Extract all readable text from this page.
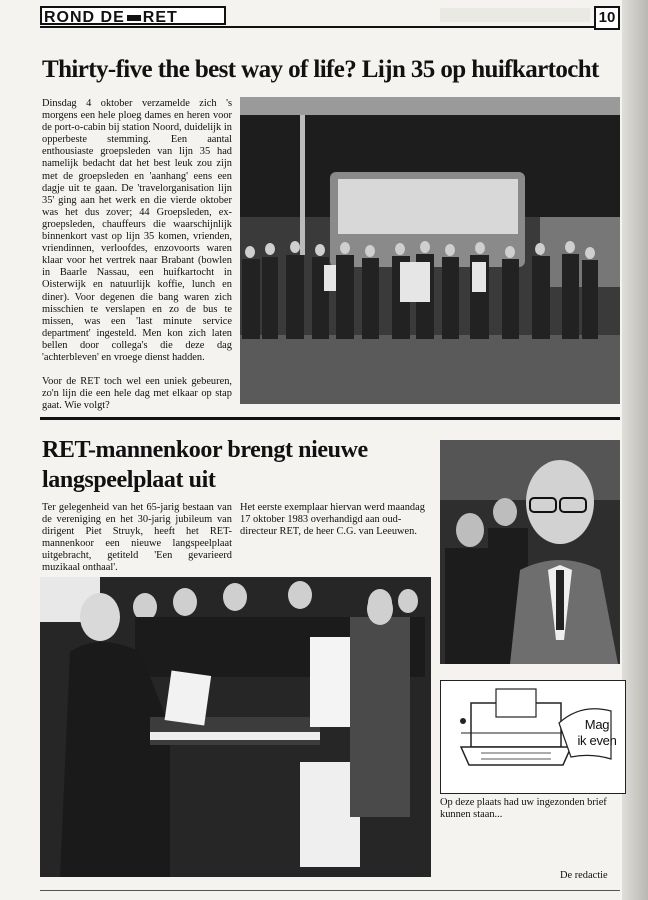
ROND DE RET	10
Thirty-five the best way of life? Lijn 35 op huifkartocht

Dinsdag 4 oktober verzamelde zich 's morgens een hele ploeg dames en heren voor de port-o-cabin bij station Noord, duidelijk in opperbeste stemming. Een aantal enthousiaste groepsleden van lijn 35 had namelijk bedacht dat het best leuk zou zijn met de groepsleden en 'aanhang' eens een dagje uit te gaan. De 'travelorganisation lijn 35' ging aan het werk en die vierde oktober was het dus zover; 44 Groepsleden, ex-groepsleden, chauffeurs die waarschijnlijk binnenkort vast op lijn 35 komen, vrienden, vriendinnen, verloofdes, enzovoorts waren klaar voor het vertrek naar Brabant (bowlen in Baarle Nassau, een huifkartocht in Oisterwijk en natuurlijk koffie, lunch en diner). Voor degenen die bang waren zich misschien te verslapen en zo de bus te missen, was een 'last minute service department' ingesteld. Men kon zich laten bellen door collega's die deze dag 'achterbleven' en vroege dienst hadden.

Voor de RET toch wel een uniek gebeuren, zo'n lijn die een hele dag met elkaar op stap gaat. Wie volgt?

RET-mannenkoor brengt nieuwe
langspeelplaat uit
Ter gelegenheid van het 65-jarig bestaan van de vereniging en het 30-jarig jubileum van dirigent Piet Struyk, heeft het RET-mannenkoor een nieuwe langspeelplaat uitgebracht, getiteld 'Een gevarieerd muzikaal onthaal'.
Het eerste exemplaar hiervan werd maandag 17 oktober 1983 overhandigd aan oud-directeur RET, de heer C.G. van Leeuwen.
Mag
ik even
Op deze plaats had uw ingezonden brief kunnen staan...
De redactie
